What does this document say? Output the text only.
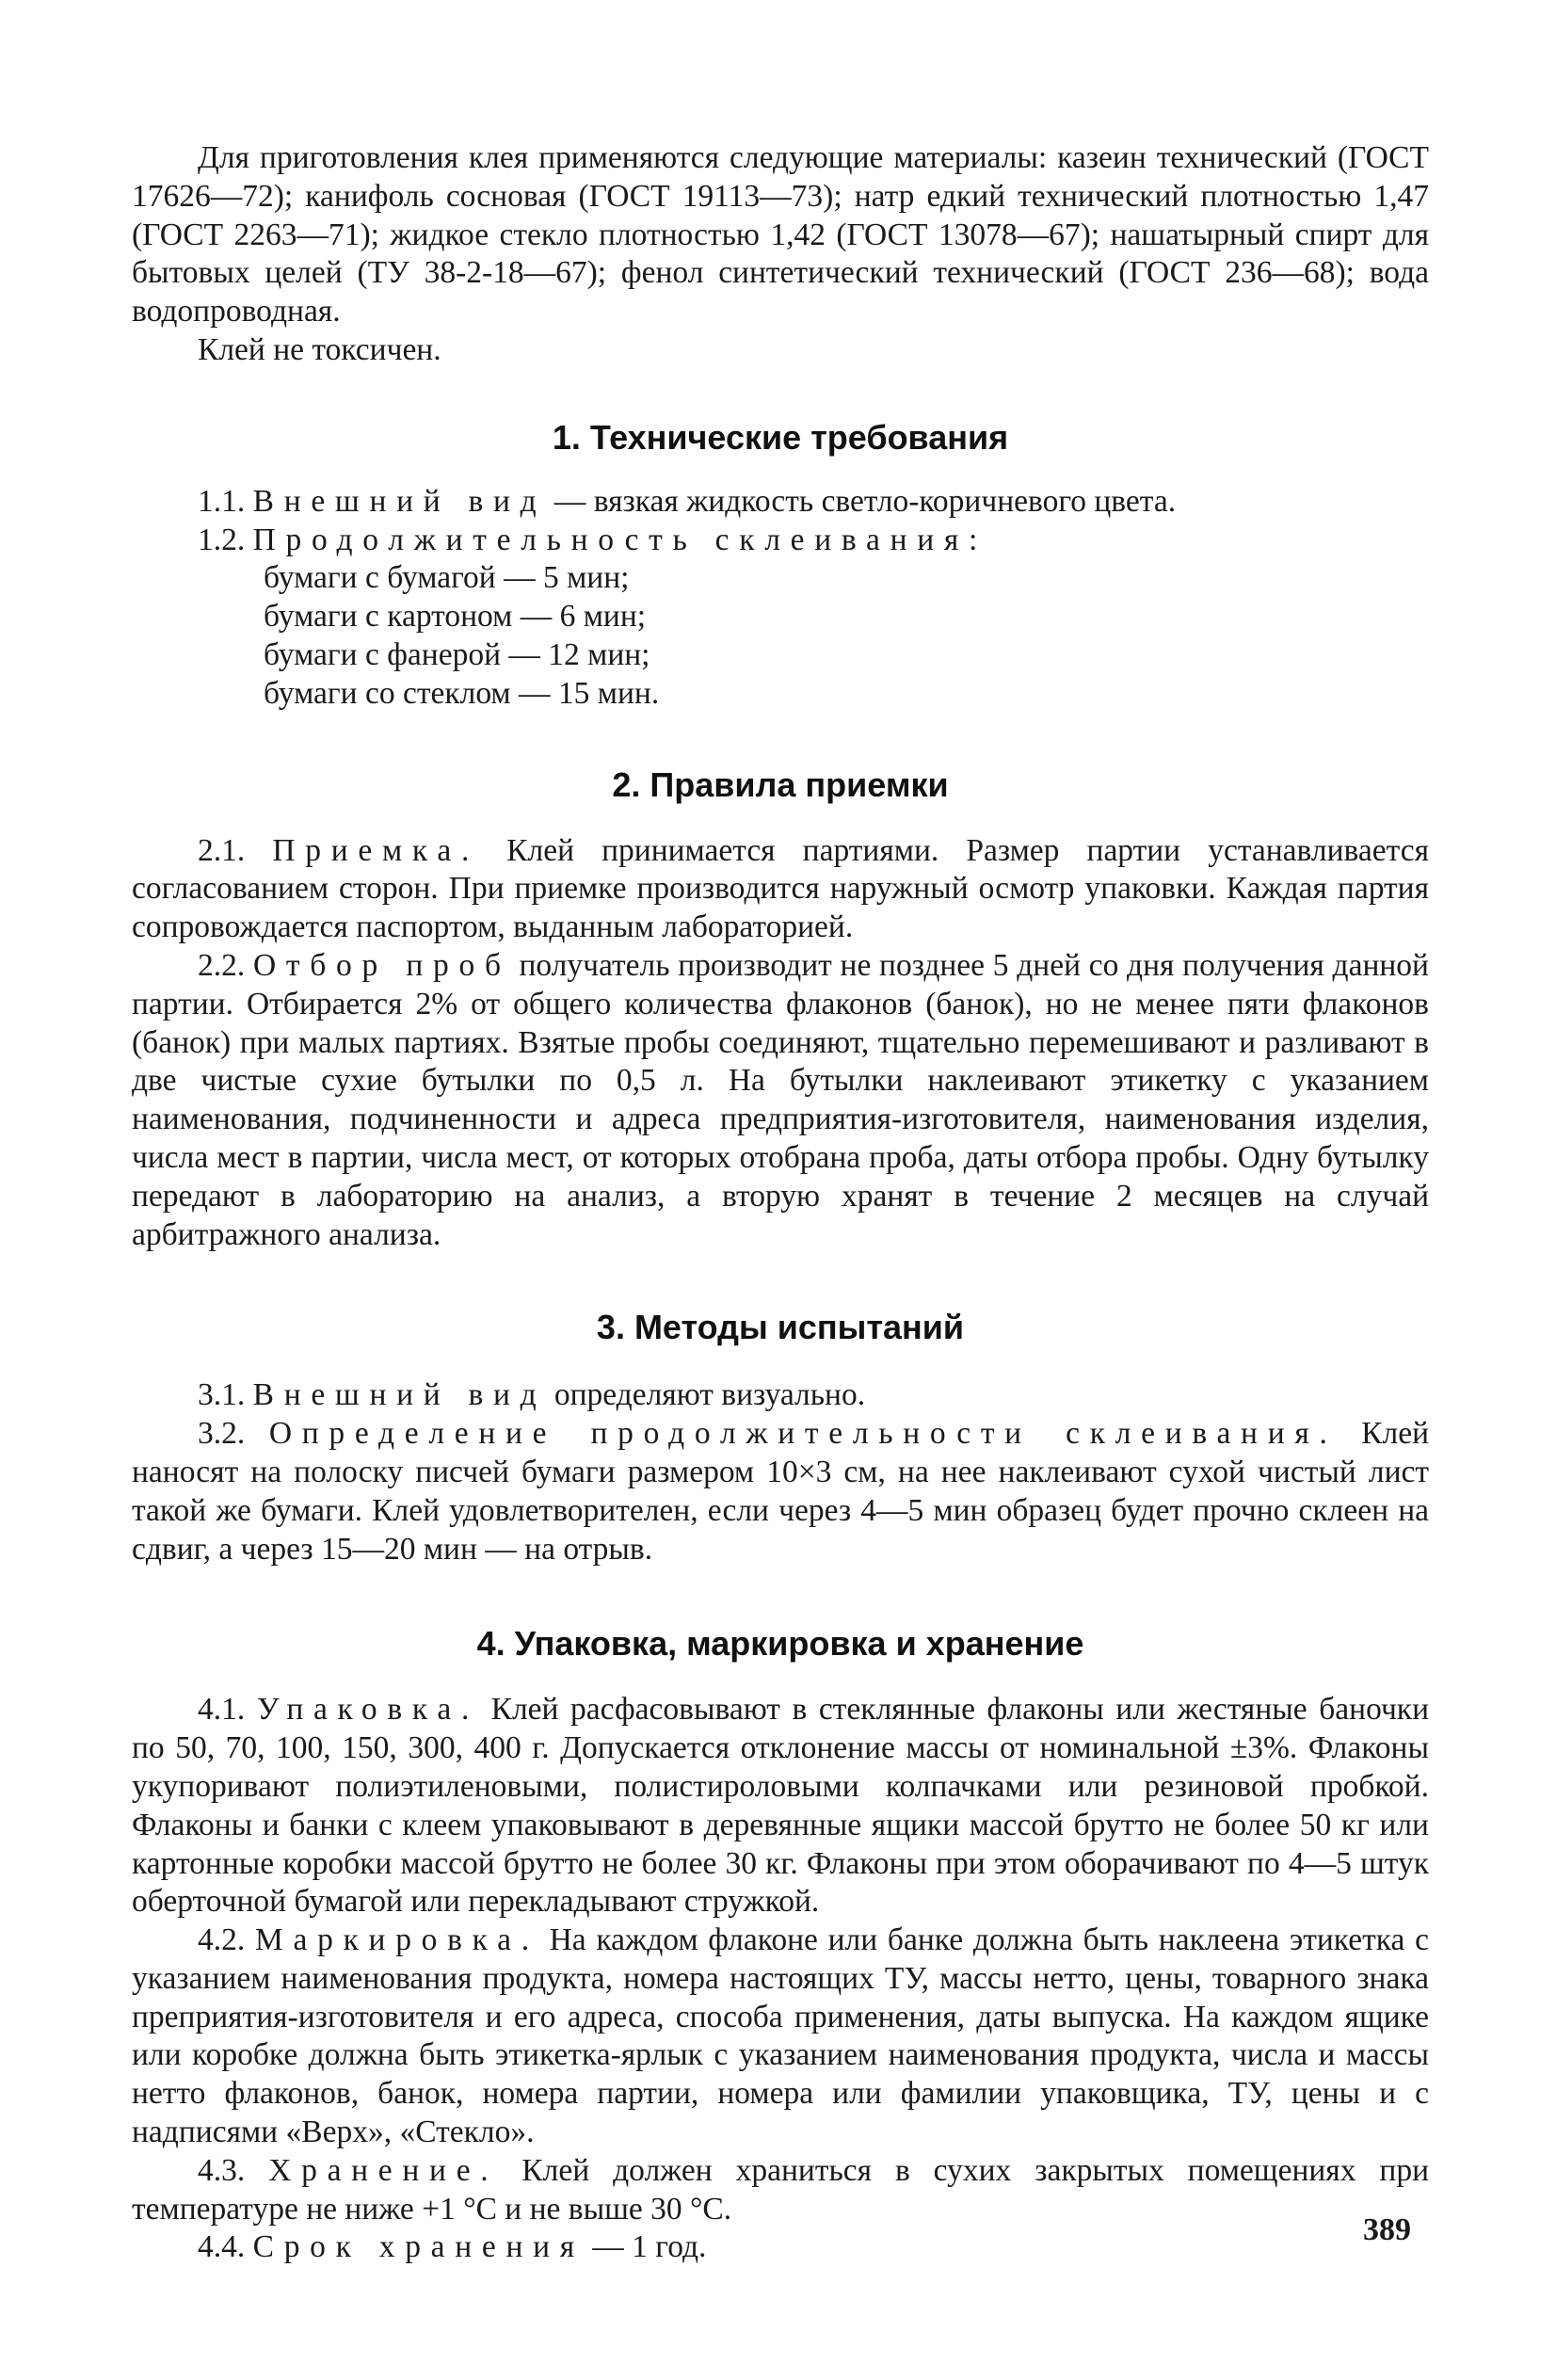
Для приготовления клея применяются следующие материалы: казеин технический (ГОСТ 17626—72); канифоль сосновая (ГОСТ 19113—73); натр едкий технический плотностью 1,47 (ГОСТ 2263—71); жидкое стекло плотностью 1,42 (ГОСТ 13078—67); нашатырный спирт для бытовых целей (ТУ 38-2-18—67); фенол синтетический технический (ГОСТ 236—68); вода водопроводная.

Клей не токсичен.

1. Технические требования

1.1. Внешний вид — вязкая жидкость светло-коричневого цвета.

1.2. Продолжительность склеивания:

бумаги с бумагой — 5 мин;
бумаги с картоном — 6 мин;
бумаги с фанерой — 12 мин;
бумаги со стеклом — 15 мин.
2. Правила приемки

2.1. Приемка. Клей принимается партиями. Размер партии устанавливается согласованием сторон. При приемке производится наружный осмотр упаковки. Каждая партия сопровождается паспортом, выданным лабораторией.

2.2. Отбор проб получатель производит не позднее 5 дней со дня получения данной партии. Отбирается 2% от общего количества флаконов (банок), но не менее пяти флаконов (банок) при малых партиях. Взятые пробы соединяют, тщательно перемешивают и разливают в две чистые сухие бутылки по 0,5 л. На бутылки наклеивают этикетку с указанием наименования, подчиненности и адреса предприятия-изготовителя, наименования изделия, числа мест в партии, числа мест, от которых отобрана проба, даты отбора пробы. Одну бутылку передают в лабораторию на анализ, а вторую хранят в течение 2 месяцев на случай арбитражного анализа.

3. Методы испытаний

3.1. Внешний вид определяют визуально.

3.2. Определение продолжительности склеивания. Клей наносят на полоску писчей бумаги размером 10×3 см, на нее наклеивают сухой чистый лист такой же бумаги. Клей удовлетворителен, если через 4—5 мин образец будет прочно склеен на сдвиг, а через 15—20 мин — на отрыв.

4. Упаковка, маркировка и хранение

4.1. Упаковка. Клей расфасовывают в стеклянные флаконы или жестяные баночки по 50, 70, 100, 150, 300, 400 г. Допускается отклонение массы от номинальной ±3%. Флаконы укупоривают полиэтиленовыми, полистироловыми колпачками или резиновой пробкой. Флаконы и банки с клеем упаковывают в деревянные ящики массой брутто не более 50 кг или картонные коробки массой брутто не более 30 кг. Флаконы при этом оборачивают по 4—5 штук оберточной бумагой или перекладывают стружкой.

4.2. Маркировка. На каждом флаконе или банке должна быть наклеена этикетка с указанием наименования продукта, номера настоящих ТУ, массы нетто, цены, товарного знака преприятия-изготовителя и его адреса, способа применения, даты выпуска. На каждом ящике или коробке должна быть этикетка-ярлык с указанием наименования продукта, числа и массы нетто флаконов, банок, номера партии, номера или фамилии упаковщика, ТУ, цены и с надписями «Верх», «Стекло».

4.3. Хранение. Клей должен храниться в сухих закрытых помещениях при температуре не ниже +1 °С и не выше 30 °С.

4.4. Срок хранения — 1 год.	389
